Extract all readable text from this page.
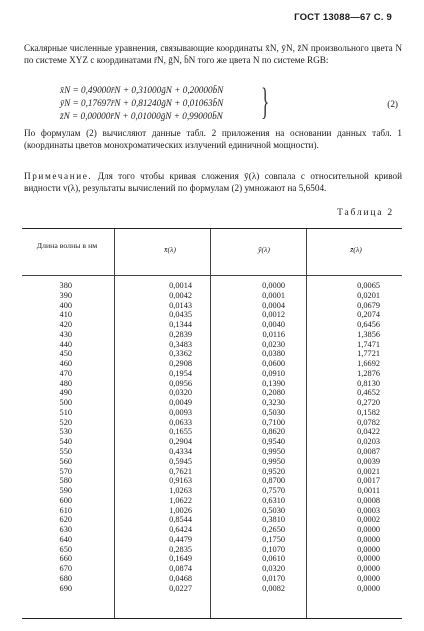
ГОСТ 13088—67 С. 9
Скалярные численные уравнения, связывающие координаты x̄N, ȳN, z̄N произвольного цвета N по системе XYZ с координатами r̄N, ḡN, b̄N того же цвета N по системе RGB:
x̄N = 0,49000r̄N + 0,31000ḡN + 0,20000b̄N
ȳN = 0,17697r̄N + 0,81240ḡN + 0,01063b̄N
z̄N = 0,00000r̄N + 0,01000ḡN + 0,99000b̄N	}	(2)
По формулам (2) вычисляют данные табл. 2 приложения на основании данных табл. 1 (координаты цветов монохроматических излучений единичной мощности).
Примечание. Для того чтобы кривая сложения ȳ(λ) совпала с относительной кривой видности v(λ), результаты вычислений по формулам (2) умножают на 5,6504.
Таблица 2
Длина волны в нм	x̄(λ)	ȳ(λ)	z̄(λ)
380	0,0014	0,0000	0,0065
390	0,0042	0,0001	0,0201
400	0,0143	0,0004	0,0679
410	0,0435	0,0012	0,2074
420	0,1344	0,0040	0,6456
430	0,2839	0,0116	1,3856
440	0,3483	0,0230	1,7471
450	0,3362	0,0380	1,7721
460	0,2908	0,0600	1,6692
470	0,1954	0,0910	1,2876
480	0,0956	0,1390	0,8130
490	0,0320	0,2080	0,4652
500	0,0049	0,3230	0,2720
510	0,0093	0,5030	0,1582
520	0,0633	0,7100	0,0782
530	0,1655	0,8620	0,0422
540	0,2904	0,9540	0,0203
550	0,4334	0,9950	0,0087
560	0,5945	0,9950	0,0039
570	0,7621	0,9520	0,0021
580	0,9163	0,8700	0,0017
590	1,0263	0,7570	0,0011
600	1,0622	0,6310	0,0008
610	1,0026	0,5030	0,0003
620	0,8544	0,3810	0,0002
630	0,6424	0,2650	0,0000
640	0,4479	0,1750	0,0000
650	0,2835	0,1070	0,0000
660	0,1649	0,0610	0,0000
670	0,0874	0,0320	0,0000
680	0,0468	0,0170	0,0000
690	0,0227	0,0082	0,0000
